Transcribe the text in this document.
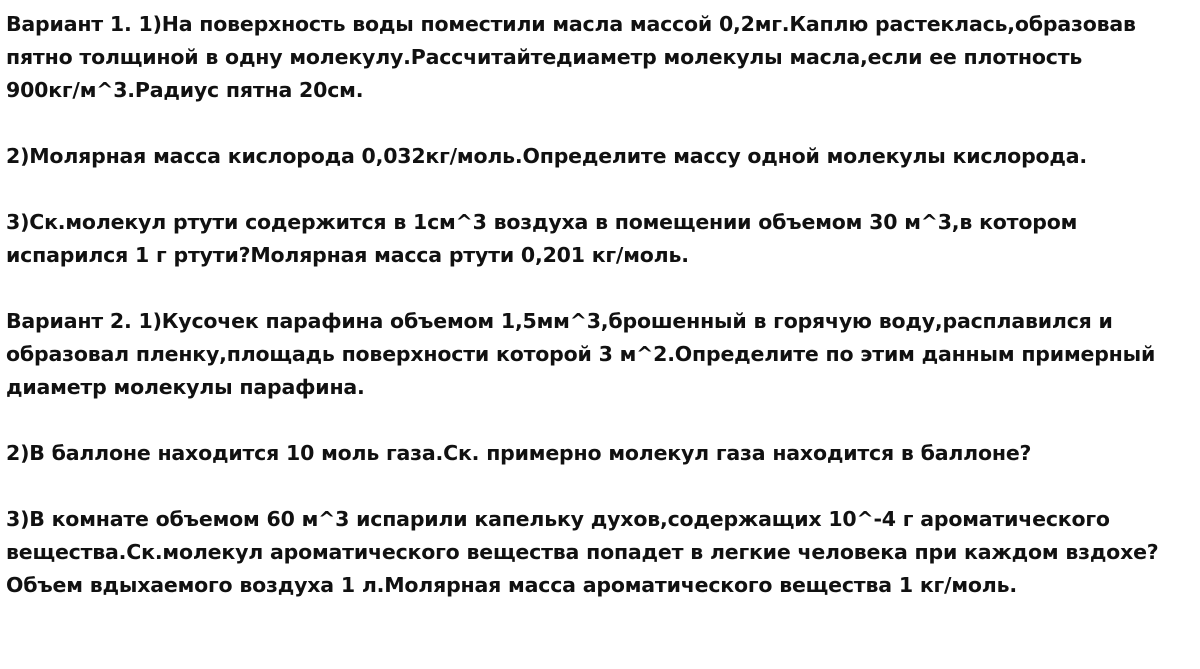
Вариант 1. 1)На поверхность воды поместили масла массой 0,2мг.Каплю растеклась,образовав
пятно толщиной в одну молекулу.Рассчитайтедиаметр молекулы масла,если ее плотность
900кг/м^3.Радиус пятна 20см.
2)Молярная масса кислорода 0,032кг/моль.Определите массу одной молекулы кислорода.
3)Ск.молекул ртути содержится в 1см^3 воздуха в помещении объемом 30 м^3,в котором
испарился 1 г ртути?Молярная масса ртути 0,201 кг/моль.
Вариант 2. 1)Кусочек парафина объемом 1,5мм^3,брошенный в горячую воду,расплавился и
образовал пленку,площадь поверхности которой 3 м^2.Определите по этим данным примерный
диаметр молекулы парафина.
2)В баллоне находится 10 моль газа.Ск. примерно молекул газа находится в баллоне?
3)В комнате объемом 60 м^3 испарили капельку духов,содержащих 10^-4 г ароматического
вещества.Ск.молекул ароматического вещества попадет в легкие человека при каждом вздохе?
Объем вдыхаемого воздуха 1 л.Молярная масса ароматического вещества 1 кг/моль.
